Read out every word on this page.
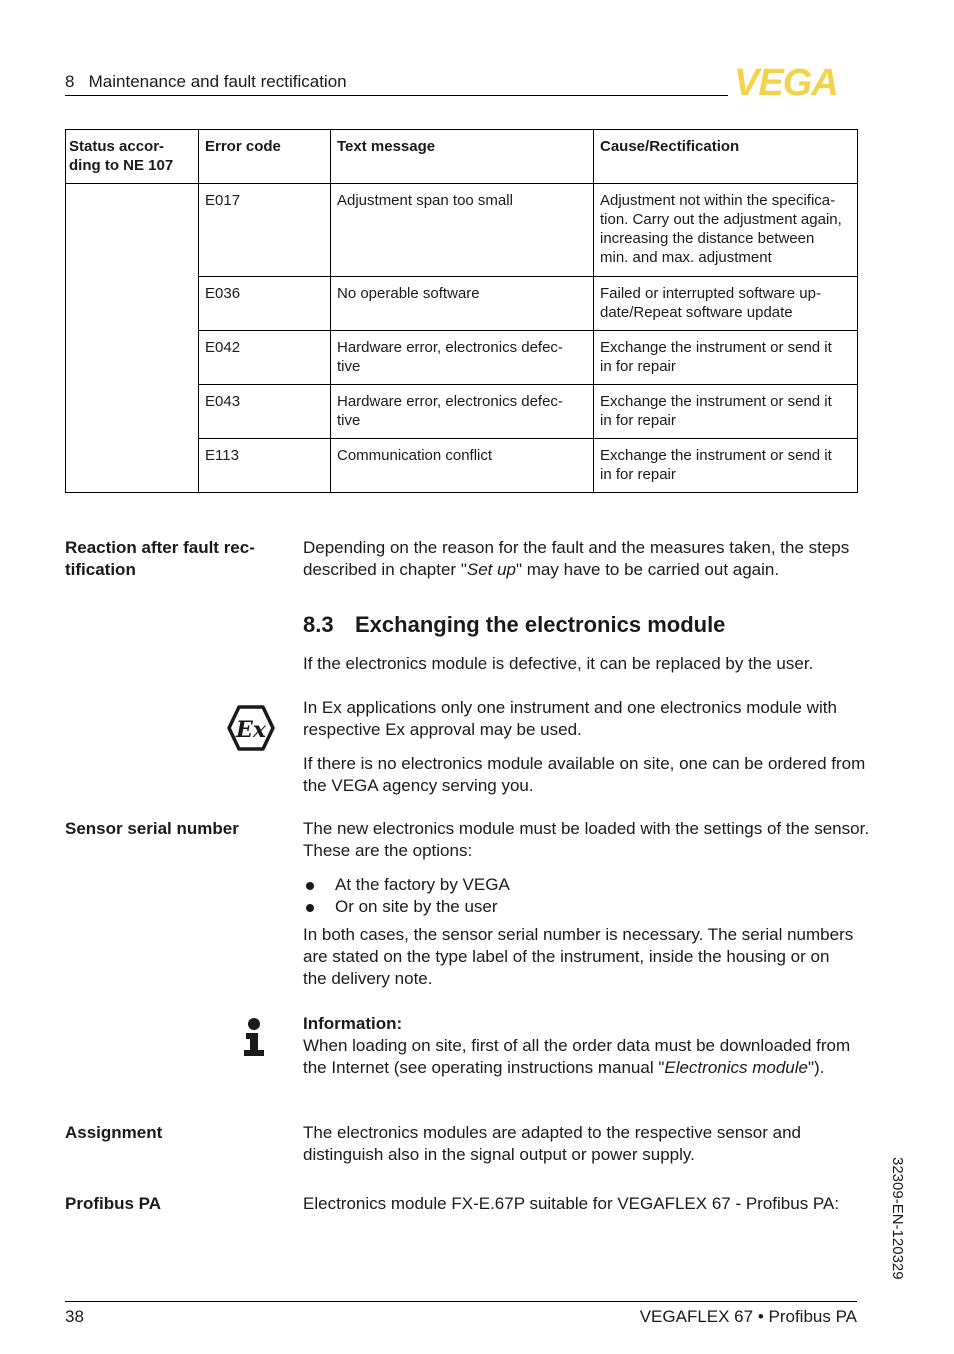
8   Maintenance and fault rectification	VEGA
Status accor-
ding to NE 107	Error code	Text message	Cause/Rectification
	E017	Adjustment span too small	Adjustment not within the specifica-
tion. Carry out the adjustment again,
increasing the distance between
min. and max. adjustment
	E036	No operable software	Failed or interrupted software up-
date/Repeat software update
	E042	Hardware error, electronics defec-
tive	Exchange the instrument or send it
in for repair
	E043	Hardware error, electronics defec-
tive	Exchange the instrument or send it
in for repair
	E113	Communication conflict	Exchange the instrument or send it
in for repair
Reaction after fault rec-
tification
Depending on the reason for the fault and the measures taken, the steps described in chapter "Set up" may have to be carried out again.
8.3 Exchanging the electronics module
If the electronics module is defective, it can be replaced by the user.
Ex
In Ex applications only one instrument and one electronics module with respective Ex approval may be used.
If there is no electronics module available on site, one can be ordered from the VEGA agency serving you.
Sensor serial number	The new electronics module must be loaded with the settings of the sensor. These are the options:
At the factory by VEGA
Or on site by the user
In both cases, the sensor serial number is necessary. The serial numbers are stated on the type label of the instrument, inside the housing or on the delivery note.
Information:
When loading on site, first of all the order data must be downloaded from the Internet (see operating instructions manual "Electronics module").
Assignment	The electronics modules are adapted to the respective sensor and distinguish also in the signal output or power supply.
Profibus PA	Electronics module FX-E.67P suitable for VEGAFLEX 67 - Profibus PA:	32309-EN-120329
38	VEGAFLEX 67 • Profibus PA
